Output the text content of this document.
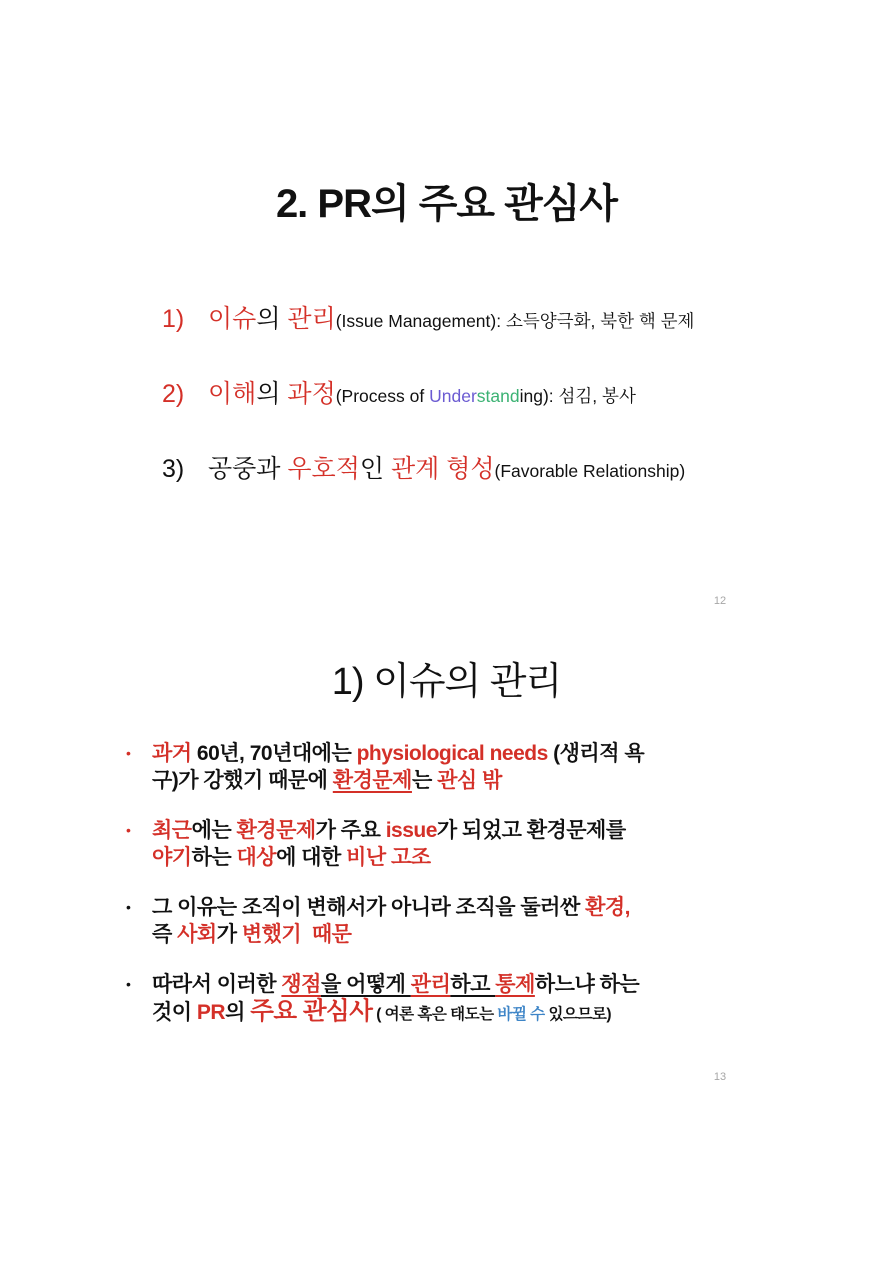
2. PR의 주요 관심사
1) 이슈의 관리(Issue Management): 소득양극화, 북한 핵 문제
2) 이해의 과정(Process of Understanding): 섬김, 봉사
3) 공중과 우호적인 관계 형성(Favorable Relationship)
12
1) 이슈의 관리
•	과거 60년, 70년대에는 physiological needs (생리적 욕
구)가 강했기 때문에 환경문제는 관심 밖
•	최근에는 환경문제가 주요 issue가 되었고 환경문제를
야기하는 대상에 대한 비난 고조
•	그 이유는 조직이 변해서가 아니라 조직을 둘러싼 환경,
즉 사회가 변했기  때문
•	따라서 이러한 쟁점을 어떻게 관리하고 통제하느냐 하는
것이 PR의 주요 관심사 ( 여론 혹은 태도는 바뀔 수 있으므로)
13
